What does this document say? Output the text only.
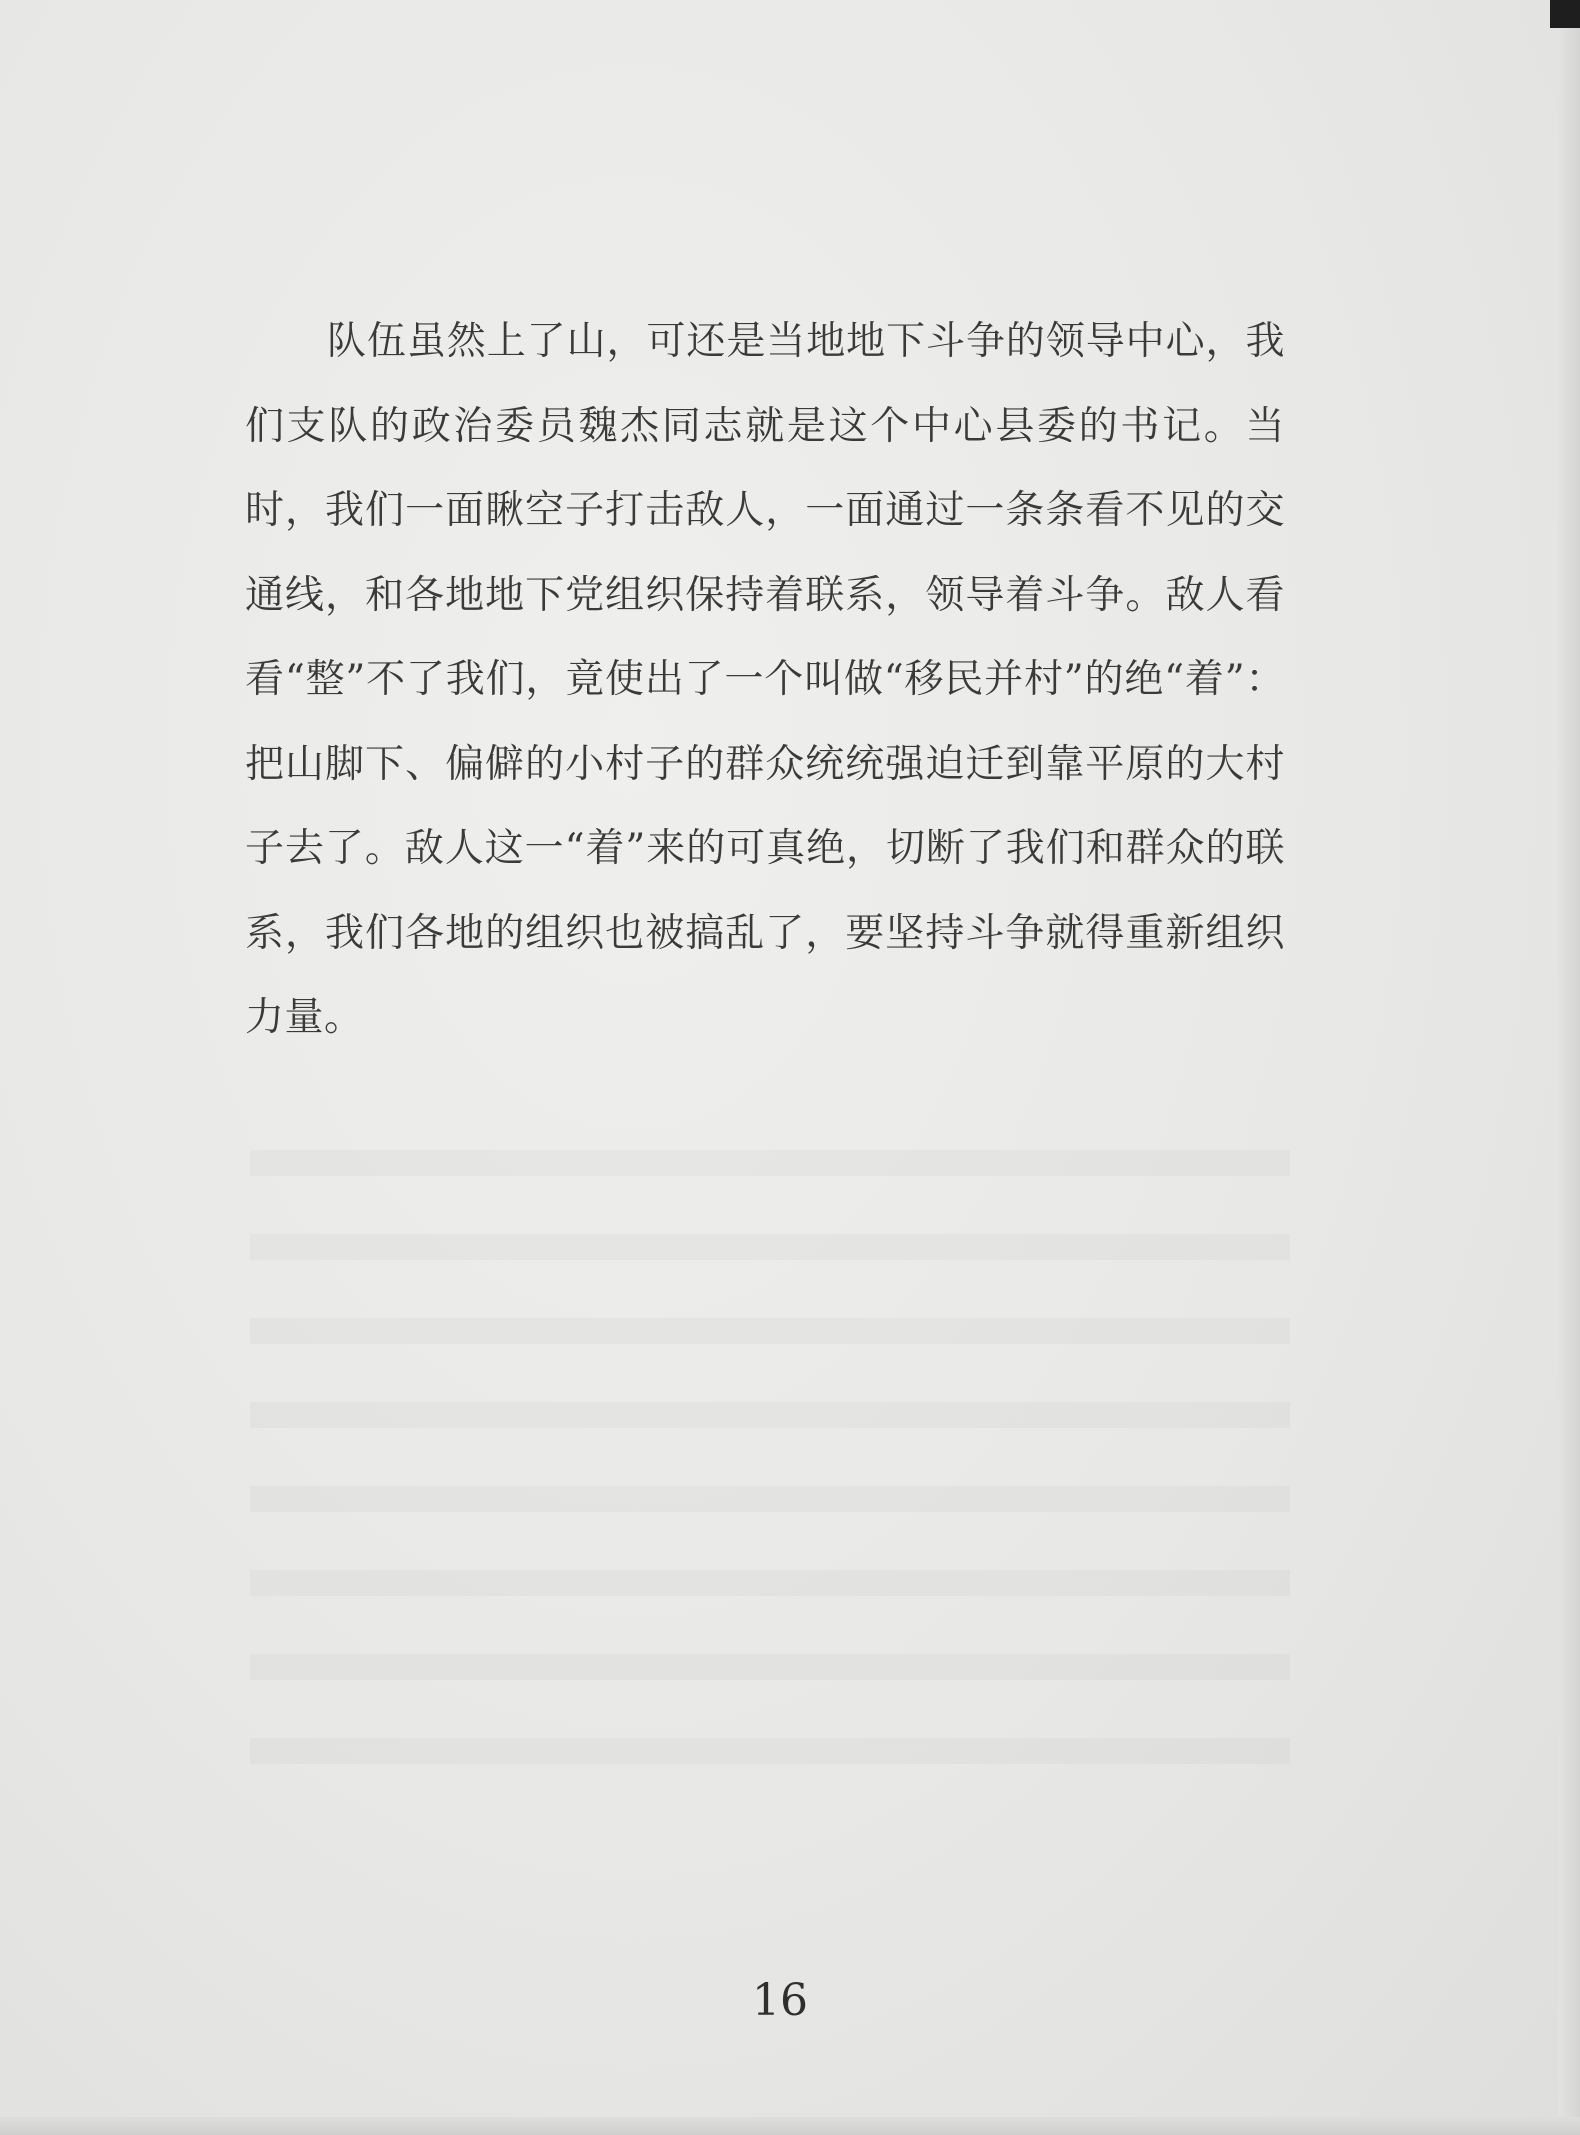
队伍虽然上了山，可还是当地地下斗争的领导中心，我们支队的政治委员魏杰同志就是这个中心县委的书记。当时，我们一面瞅空子打击敌人，一面通过一条条看不见的交通线，和各地地下党组织保持着联系，领导着斗争。敌人看看“整”不了我们，竟使出了一个叫做“移民并村”的绝“着”：把山脚下、偏僻的小村子的群众统统强迫迁到靠平原的大村子去了。敌人这一“着”来的可真绝，切断了我们和群众的联系，我们各地的组织也被搞乱了，要坚持斗争就得重新组织力量。

16
